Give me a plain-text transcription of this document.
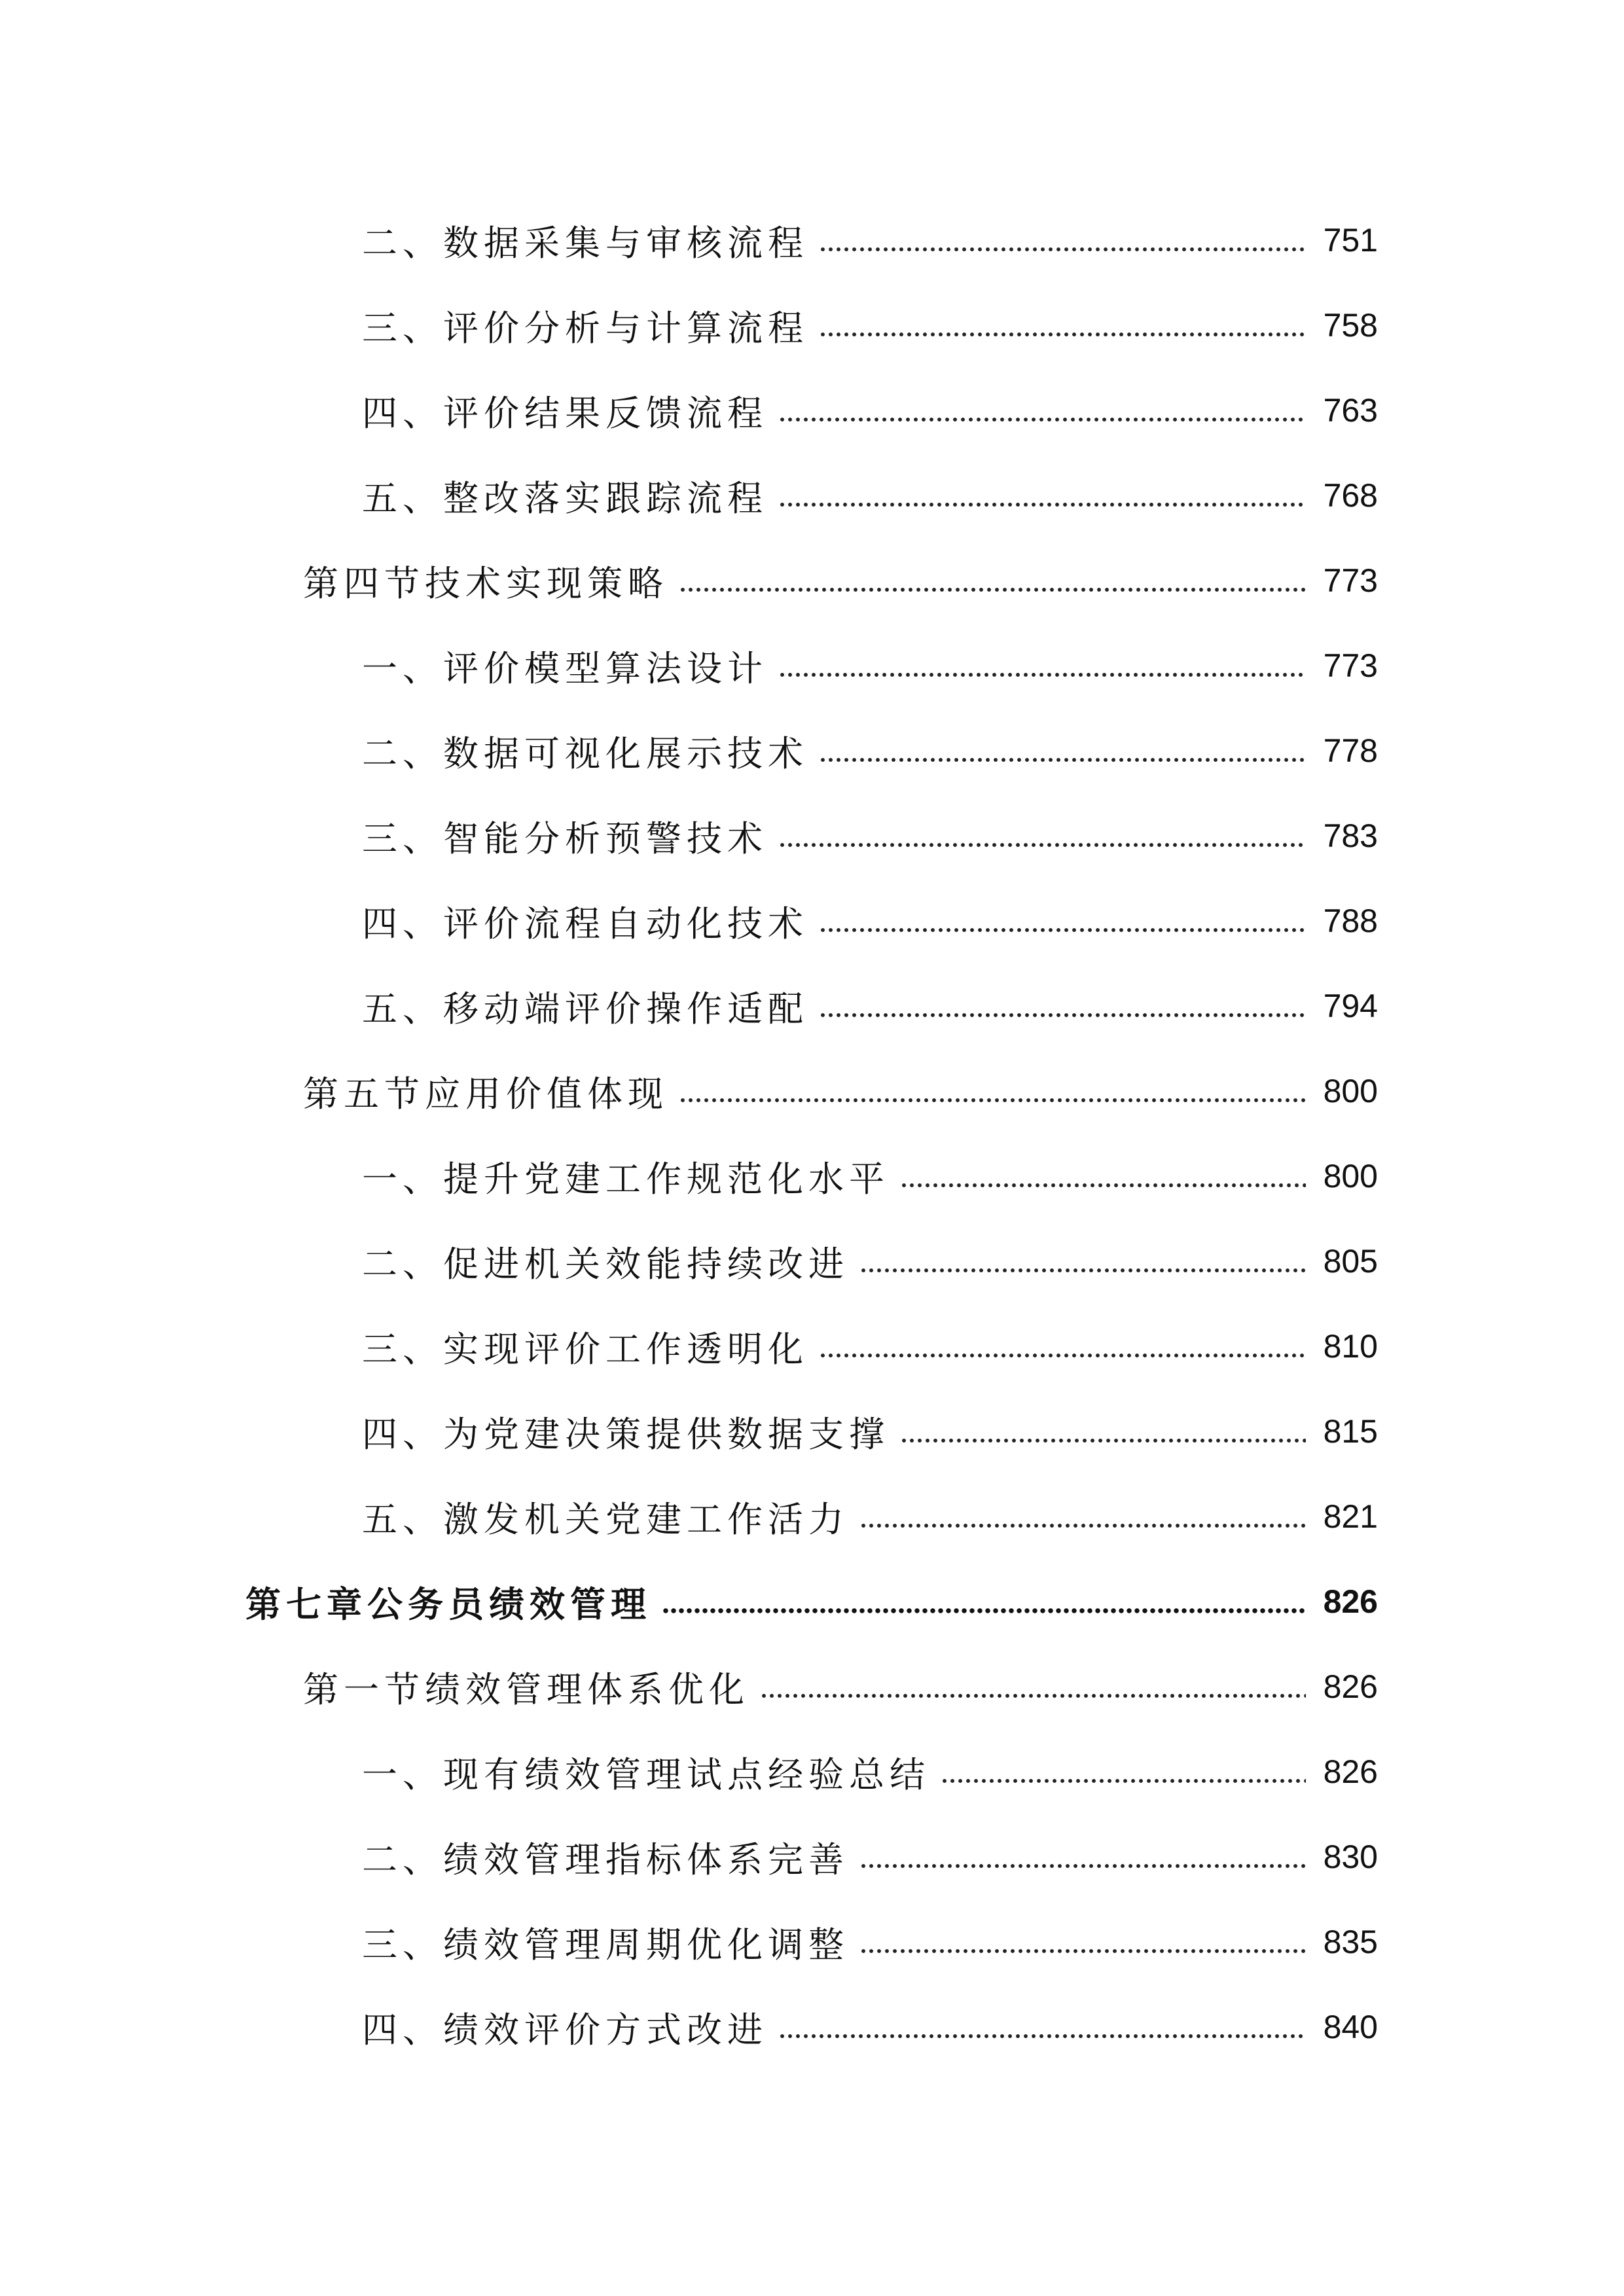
二、数据采集与审核流程	751
三、评价分析与计算流程	758
四、评价结果反馈流程	763
五、整改落实跟踪流程	768
第四节技术实现策略	773
一、评价模型算法设计	773
二、数据可视化展示技术	778
三、智能分析预警技术	783
四、评价流程自动化技术	788
五、移动端评价操作适配	794
第五节应用价值体现	800
一、提升党建工作规范化水平	800
二、促进机关效能持续改进	805
三、实现评价工作透明化	810
四、为党建决策提供数据支撑	815
五、激发机关党建工作活力	821
第七章公务员绩效管理	826
第一节绩效管理体系优化	826
一、现有绩效管理试点经验总结	826
二、绩效管理指标体系完善	830
三、绩效管理周期优化调整	835
四、绩效评价方式改进	840
